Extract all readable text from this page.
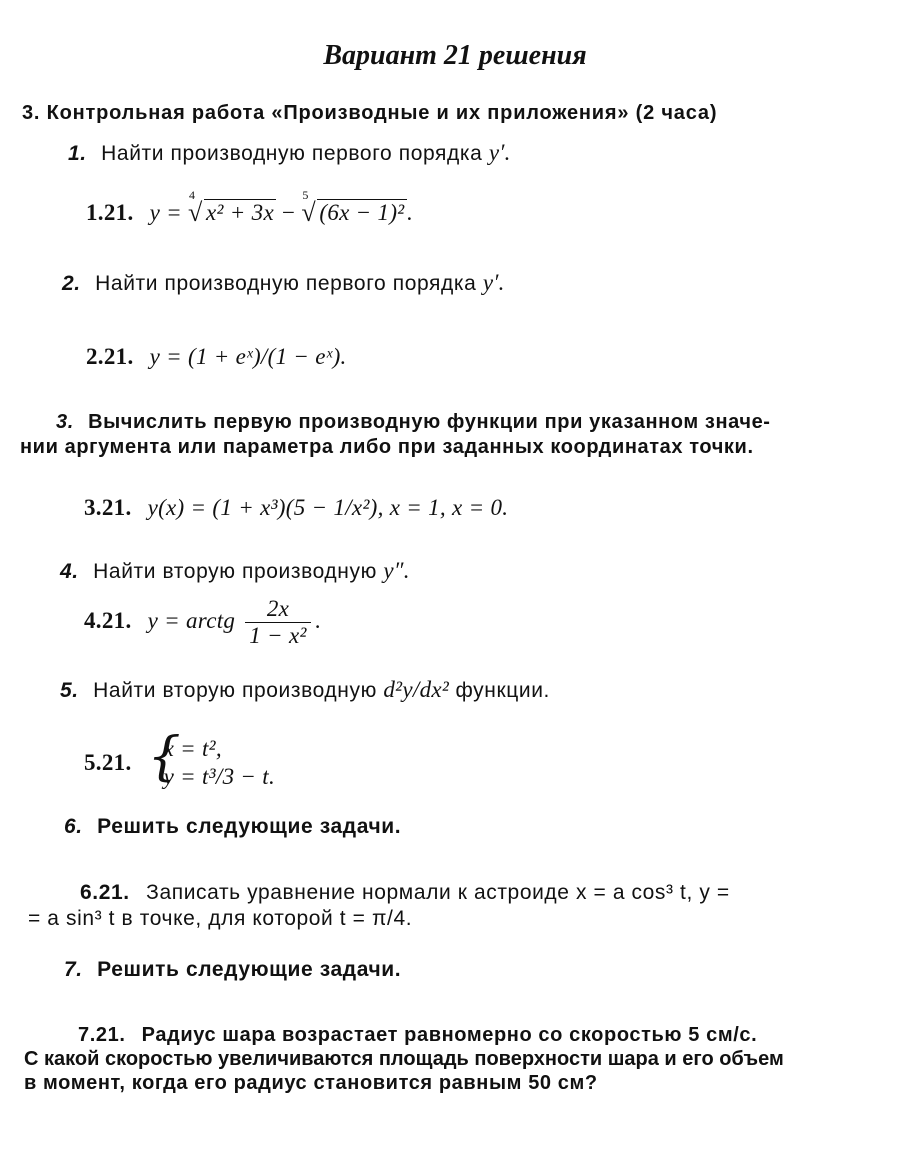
Вариант 21 решения
3. Контрольная работа «Производные и их приложения» (2 часа)
1. Найти производную первого порядка y′.
1.21. y =
4
√ x² + 3x −
5
√ (6x − 1)².
2. Найти производную первого порядка y′.
2.21. y = (1 + eˣ)/(1 − eˣ).
3. Вычислить первую производную функции при указанном значе-
нии аргумента или параметра либо при заданных координатах точки.
3.21. y(x) = (1 + x³)(5 − 1/x²), x = 1, x = 0.
4. Найти вторую производную y″.
4.21. y = arctg $\frac{2x}{\text{1 − x²}}$ .
5. Найти вторую производную d²y/dx² функции.
5.21. {
x = t²,
y = t³/3 − t.
6. Решить следующие задачи.
6.21. Записать уравнение нормали к астроиде x = a cos³ t, y =
= a sin³ t в точке, для которой t = π/4.
7. Решить следующие задачи.
7.21. Радиус шара возрастает равномерно со скоростью 5 см/с.
С какой скоростью увеличиваются площадь поверхности шара и его объем
в момент, когда его радиус становится равным 50 см?
